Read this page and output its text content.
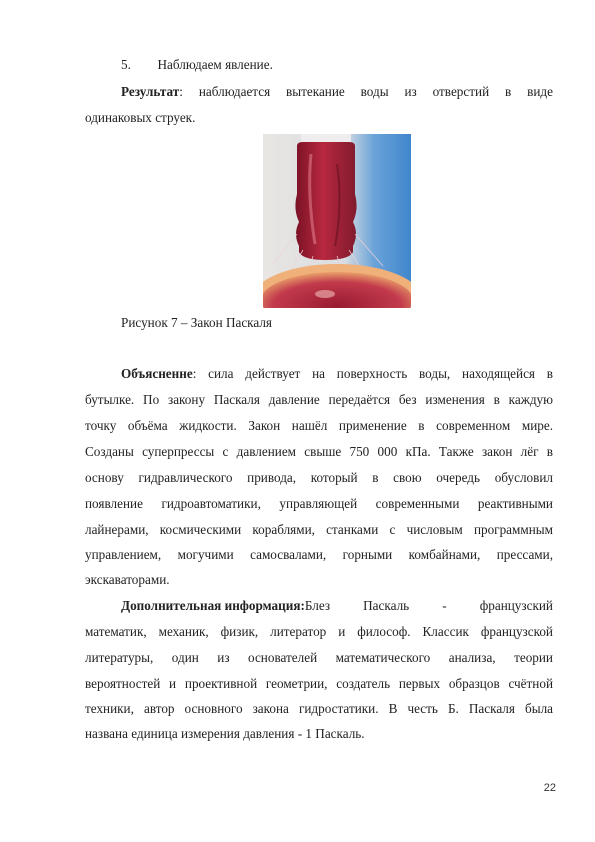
5. Наблюдаем явление.
Результат: наблюдается вытекание воды из отверстий в виде
одинаковых струек.
Рисунок 7 – Закон Паскаля
Объясненне: сила действует на поверхность воды, находящейся в
бутылке. По закону Паскаля давление передаётся без изменения в каждую
точку объёма жидкости. Закон нашёл применение в современном мире.
Созданы суперпрессы с давлением свыше 750 000 кПа. Также закон лёг в
основу гидравлического привода, который в свою очередь обусловил
появление гидроавтоматики, управляющей современными реактивными
лайнерами, космическими кораблями, станками с числовым программным
управлением, могучими самосвалами, горными комбайнами, прессами,
экскаваторами.
Дополнительная информация: Блез Паскаль - французский
математик, механик, физик, литератор и философ. Классик французской
литературы, один из основателей математического анализа, теории
вероятностей и проективной геометрии, создатель первых образцов счётной
техники, автор основного закона гидростатики. В честь Б. Паскаля была
названа единица измерения давления - 1 Паскаль.
22
